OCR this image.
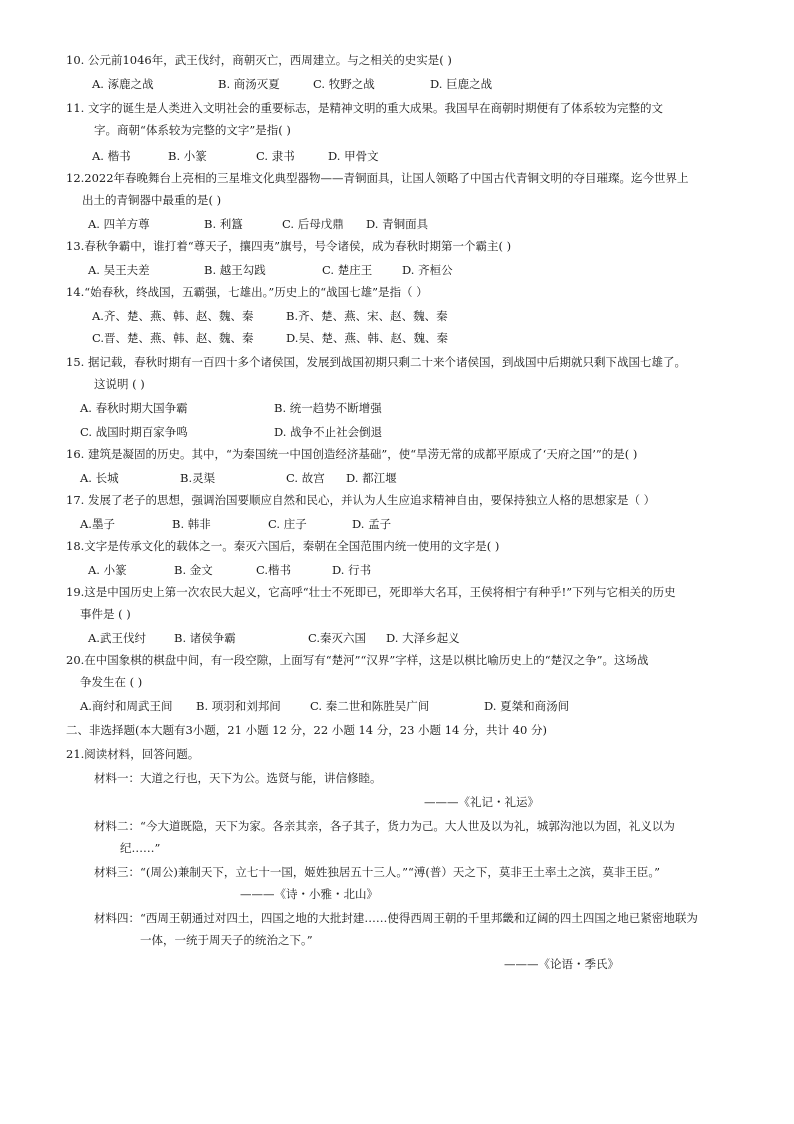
10. 公元前1046年，武王伐纣，商朝灭亡，西周建立。与之相关的史实是( )
A. 涿鹿之战	B. 商汤灭夏	C. 牧野之战	D. 巨鹿之战
11. 文字的诞生是人类进入文明社会的重要标志，是精神文明的重大成果。我国早在商朝时期便有了体系较为完整的文
字。商朝“体系较为完整的文字”是指( )
A. 楷书	B. 小篆	C. 隶书	D. 甲骨文
12.2022年春晚舞台上亮相的三星堆文化典型器物——青铜面具，让国人领略了中国古代青铜文明的夺目璀璨。迄今世界上
出土的青铜器中最重的是( )
A. 四羊方尊	B. 利簋	C. 后母戊鼎 D. 青铜面具
13.春秋争霸中，谁打着“尊天子，攘四夷”旗号，号令诸侯，成为春秋时期第一个霸主( )
A. 吴王夫差	B. 越王勾践	C. 楚庄王	D. 齐桓公
14.“始春秋，终战国，五霸强，七雄出。”历史上的“战国七雄”是指（ ）
A.齐、楚、燕、韩、赵、魏、秦	B.齐、楚、燕、宋、赵、魏、秦
C.晋、楚、燕、韩、赵、魏、秦	D.吴、楚、燕、韩、赵、魏、秦
15. 据记载，春秋时期有一百四十多个诸侯国，发展到战国初期只剩二十来个诸侯国，到战国中后期就只剩下战国七雄了。
这说明 ( )
A. 春秋时期大国争霸	B. 统一趋势不断增强
C. 战国时期百家争鸣	D. 战争不止社会倒退
16. 建筑是凝固的历史。其中，“为秦国统一中国创造经济基础”，使“旱涝无常的成都平原成了‘天府之国’”的是( )
A. 长城	B.灵渠	C. 故宫 D. 都江堰
17. 发展了老子的思想，强调治国要顺应自然和民心，并认为人生应追求精神自由，要保持独立人格的思想家是（ ）
A.墨子	B. 韩非	C. 庄子	D. 孟子
18.文字是传承文化的载体之一。秦灭六国后，秦朝在全国范围内统一使用的文字是( )
A. 小篆	B. 金文	C.楷书	D. 行书
19.这是中国历史上第一次农民大起义，它高呼“壮士不死即已，死即举大名耳，王侯将相宁有种乎!”下列与它相关的历史
事件是 ( )
A.武王伐纣 B. 诸侯争霸	C.秦灭六国 D. 大泽乡起义
20.在中国象棋的棋盘中间，有一段空隙，上面写有“楚河”“汉界”字样，这是以棋比喻历史上的“楚汉之争”。这场战
争发生在 ( )
A.商纣和周武王间 B. 项羽和刘邦间	C. 秦二世和陈胜吴广间	D. 夏桀和商汤间
二、非选择题(本大题有3小题，21 小题 12 分，22 小题 14 分，23 小题 14 分，共计 40 分)
21.阅读材料，回答问题。
材料一：大道之行也，天下为公。选贤与能，讲信修睦。
———《礼记・礼运》
材料二：“今大道既隐，天下为家。各亲其亲，各子其子，货力为己。大人世及以为礼，城郭沟池以为固，礼义以为
纪……”
材料三：“(周公)兼制天下，立七十一国，姬姓独居五十三人。”“溥(普）天之下，莫非王土率土之滨，莫非王臣。”
———《诗・小雅・北山》
材料四：“西周王朝通过对四土，四国之地的大批封建……使得西周王朝的千里邦畿和辽阔的四土四国之地已紧密地联为
一体，一统于周天子的统治之下。”
———《论语・季氏》
